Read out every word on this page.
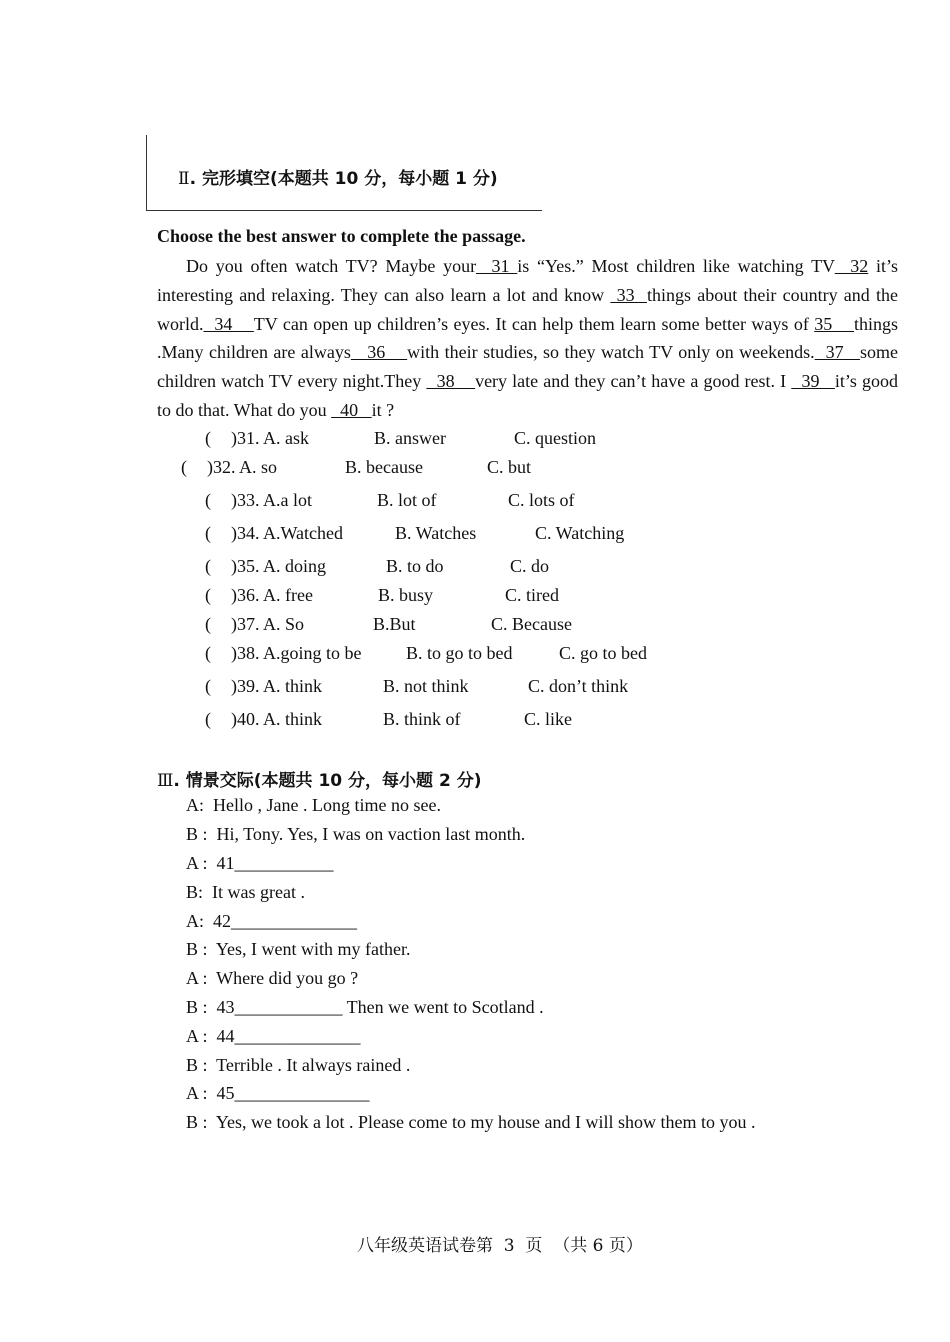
Ⅱ. 完形填空(本题共 10 分，每小题 1 分)
Choose the best answer to complete the passage.

Do you often watch TV? Maybe your  31 is “Yes.” Most children like watching TV  32 it’s interesting and relaxing. They can also learn a lot and know  33  things about their country and the world.  34    TV can open up children’s eyes. It can help them learn some better ways of 35    things .Many children are always   36    with their studies, so they watch TV only on weekends.  37   some children watch TV every night.They   38    very late and they can’t have a good rest. I   39   it’s good to do that. What do you   40   it ?

( )31. A. ask	B. answer	C. question
( )32. A. so	B. because	C. but
( )33. A.a lot	B. lot of	C. lots of
( )34. A.Watched	B. Watches	C. Watching
( )35. A. doing	B. to do	C. do
( )36. A. free	B. busy	C. tired
( )37. A. So	B.But	C. Because
( )38. A.going to be B. to go to bed	C. go to bed
( )39. A. think	B. not think	C. don’t think
( )40. A. think	B. think of	C. like
Ⅲ. 情景交际(本题共 10 分，每小题 2 分)
A:  Hello , Jane . Long time no see.
B :  Hi, Tony. Yes, I was on vaction last month.
A :  41___________
B:  It was great .
A:  42______________
B :  Yes, I went with my father.
A :  Where did you go ?
B :  43____________ Then we went to Scotland .
A :  44______________
B :  Terrible . It always rained .
A :  45_______________
B :  Yes, we took a lot . Please come to my house and I will show them to you .
八年级英语试卷第  3  页  （共 6 页）
